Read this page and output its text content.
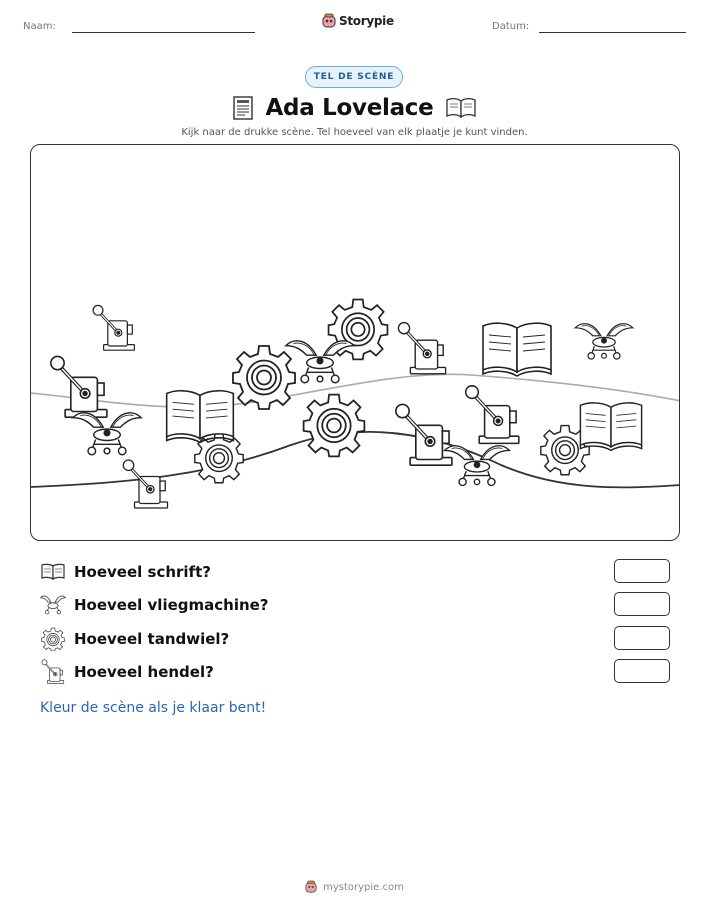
Naam:	Storypie	Datum:
TEL DE SCÈNE
Ada Lovelace
Kijk naar de drukke scène. Tel hoeveel van elk plaatje je kunt vinden.
Hoeveel schrift?
Hoeveel vliegmachine?
Hoeveel tandwiel?
Hoeveel hendel?
Kleur de scène als je klaar bent!
mystorypie.com
